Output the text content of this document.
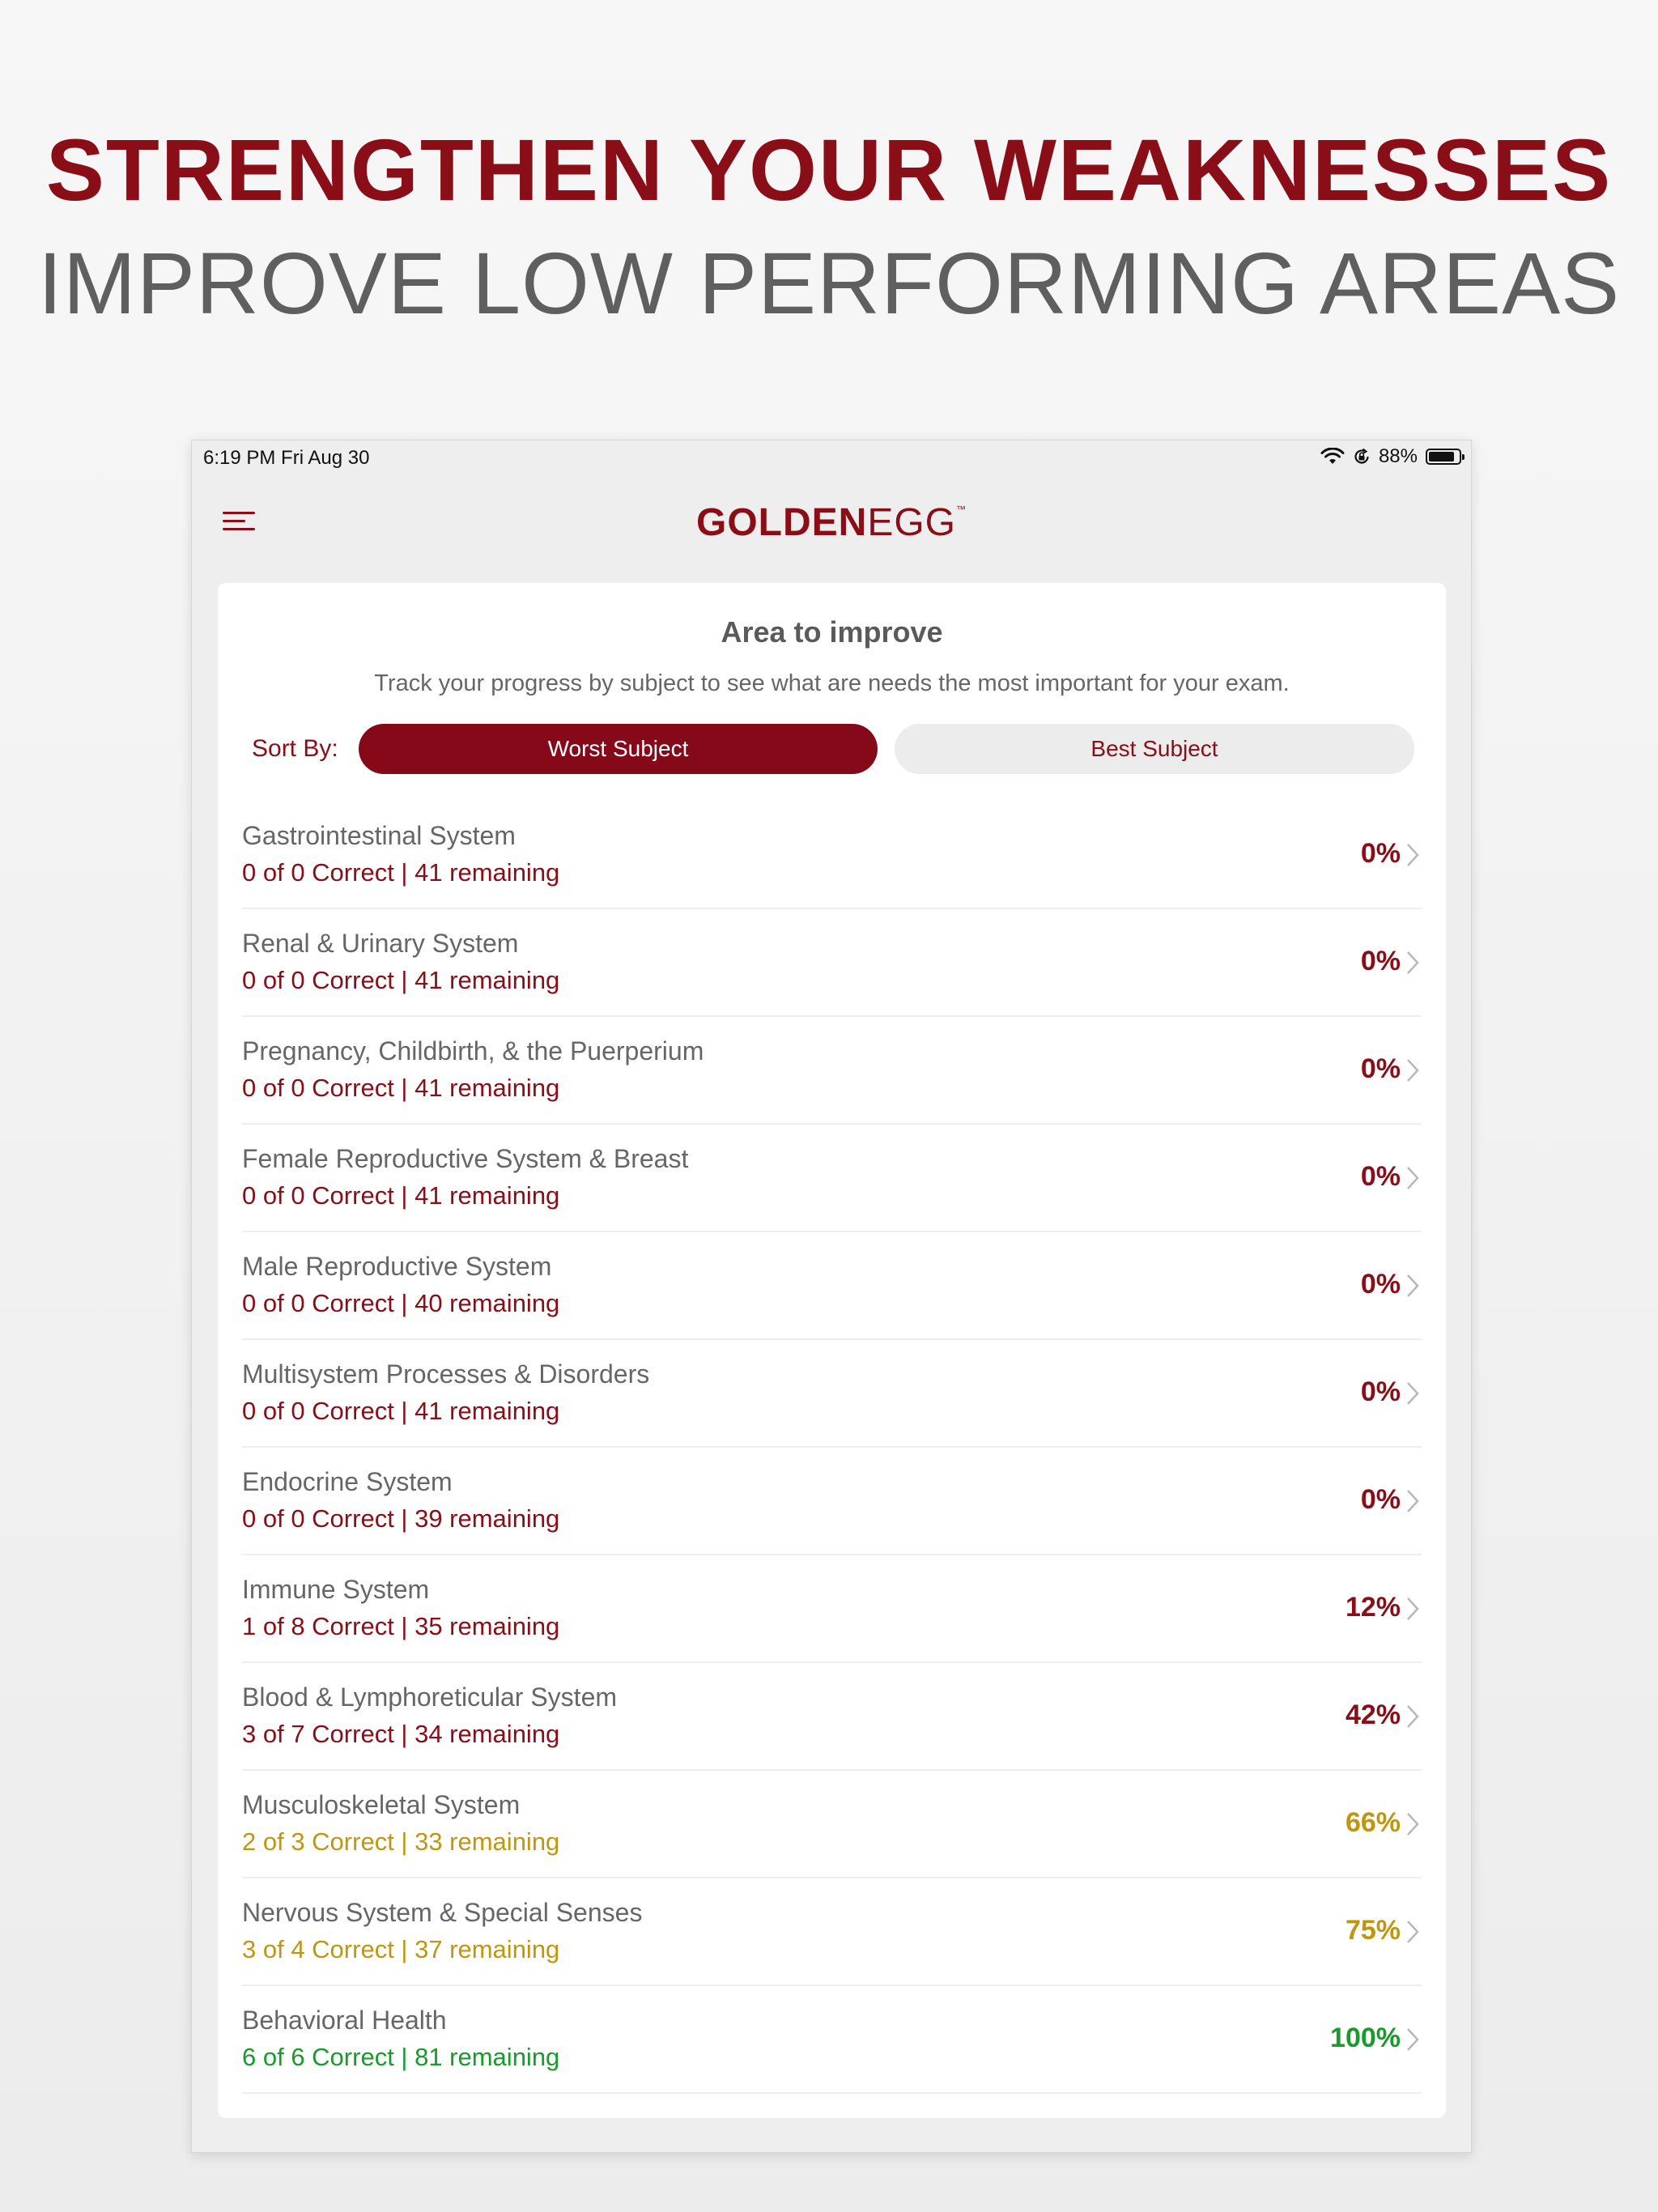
STRENGTHEN YOUR WEAKNESSES
IMPROVE LOW PERFORMING AREAS
6:19 PM Fri Aug 30	88%
GOLDENEGG™
Area to improve
Track your progress by subject to see what are needs the most important for your exam.
Sort By:	Worst Subject	Best Subject
Gastrointestinal System
0 of 0 Correct | 41 remaining
0%
Renal & Urinary System
0 of 0 Correct | 41 remaining
0%
Pregnancy, Childbirth, & the Puerperium
0 of 0 Correct | 41 remaining
0%
Female Reproductive System & Breast
0 of 0 Correct | 41 remaining
0%
Male Reproductive System
0 of 0 Correct | 40 remaining
0%
Multisystem Processes & Disorders
0 of 0 Correct | 41 remaining
0%
Endocrine System
0 of 0 Correct | 39 remaining
0%
Immune System
1 of 8 Correct | 35 remaining
12%
Blood & Lymphoreticular System
3 of 7 Correct | 34 remaining
42%
Musculoskeletal System
2 of 3 Correct | 33 remaining
66%
Nervous System & Special Senses
3 of 4 Correct | 37 remaining
75%
Behavioral Health
6 of 6 Correct | 81 remaining
100%
